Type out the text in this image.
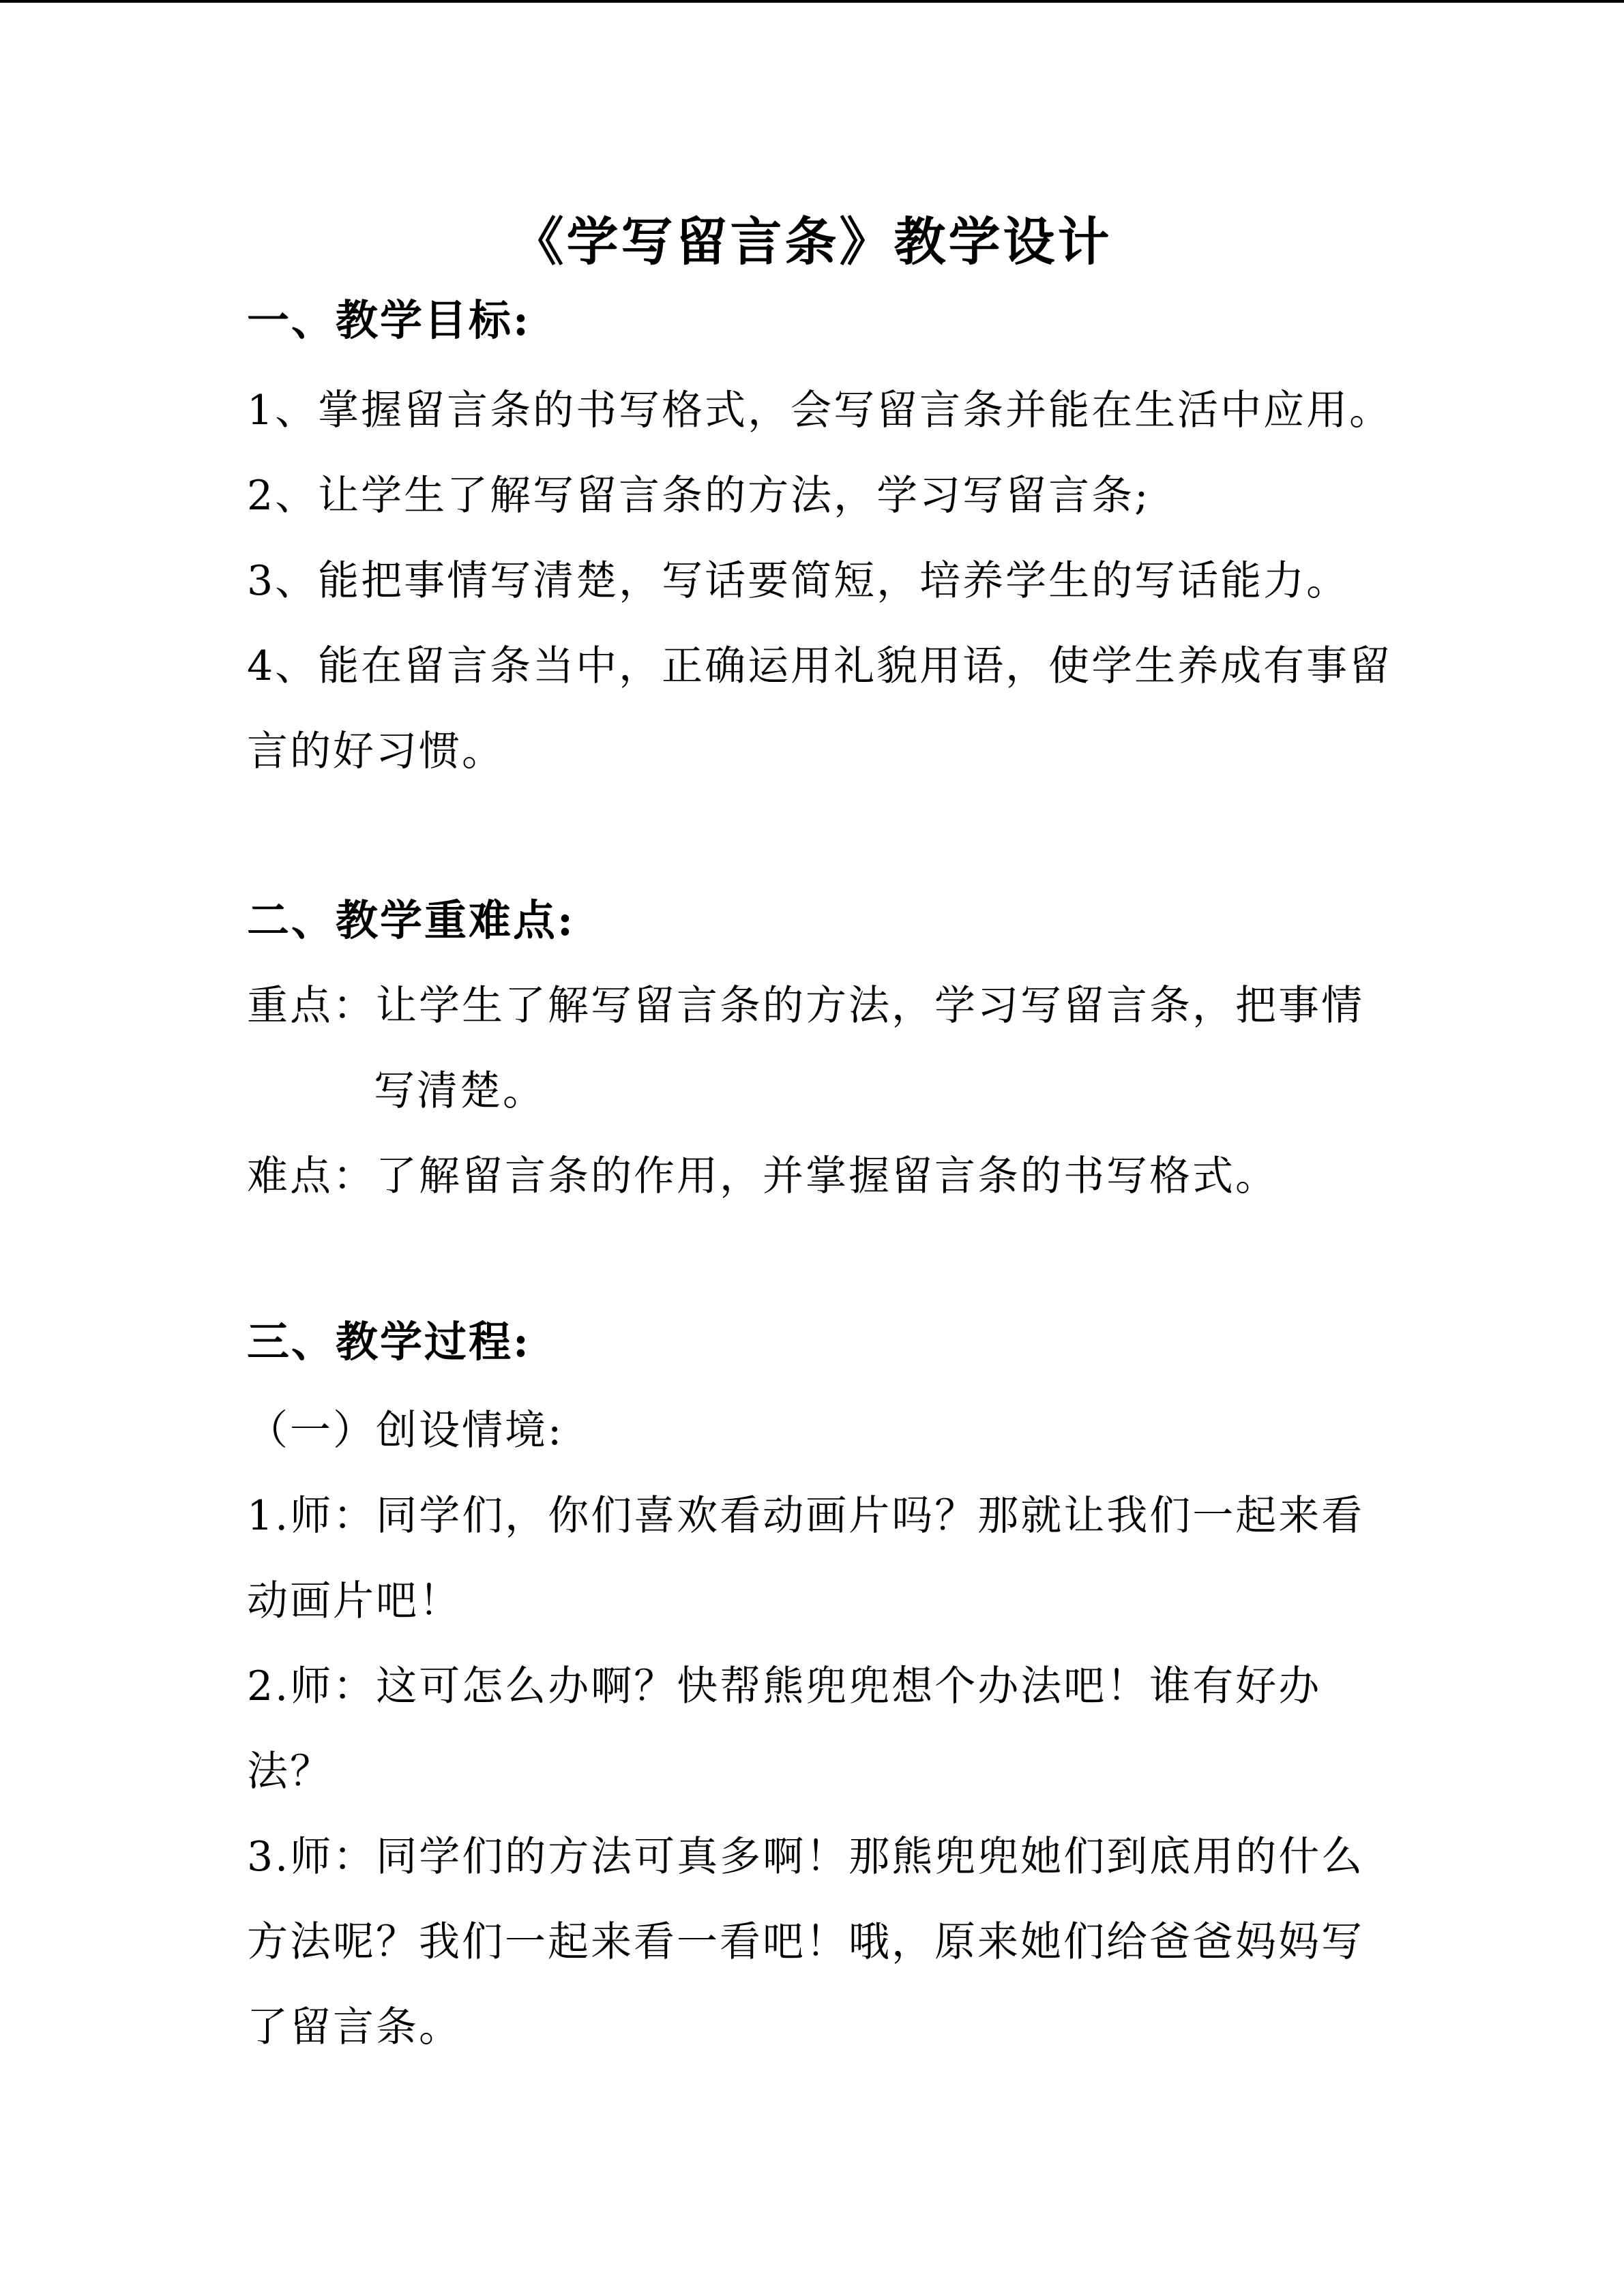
《学写留言条》教学设计
一、教学目标:
1、掌握留言条的书写格式，会写留言条并能在生活中应用。
2、让学生了解写留言条的方法，学习写留言条;
3、能把事情写清楚，写话要简短，培养学生的写话能力。
4、能在留言条当中，正确运用礼貌用语，使学生养成有事留
言的好习惯。
二、教学重难点:
重点：让学生了解写留言条的方法，学习写留言条，把事情
写清楚。
难点：了解留言条的作用，并掌握留言条的书写格式。
三、教学过程:
（一）创设情境:
1.师：同学们，你们喜欢看动画片吗？那就让我们一起来看
动画片吧！
2.师：这可怎么办啊？快帮熊兜兜想个办法吧！谁有好办
法？
3.师：同学们的方法可真多啊！那熊兜兜她们到底用的什么
方法呢？我们一起来看一看吧！哦，原来她们给爸爸妈妈写
了留言条。
